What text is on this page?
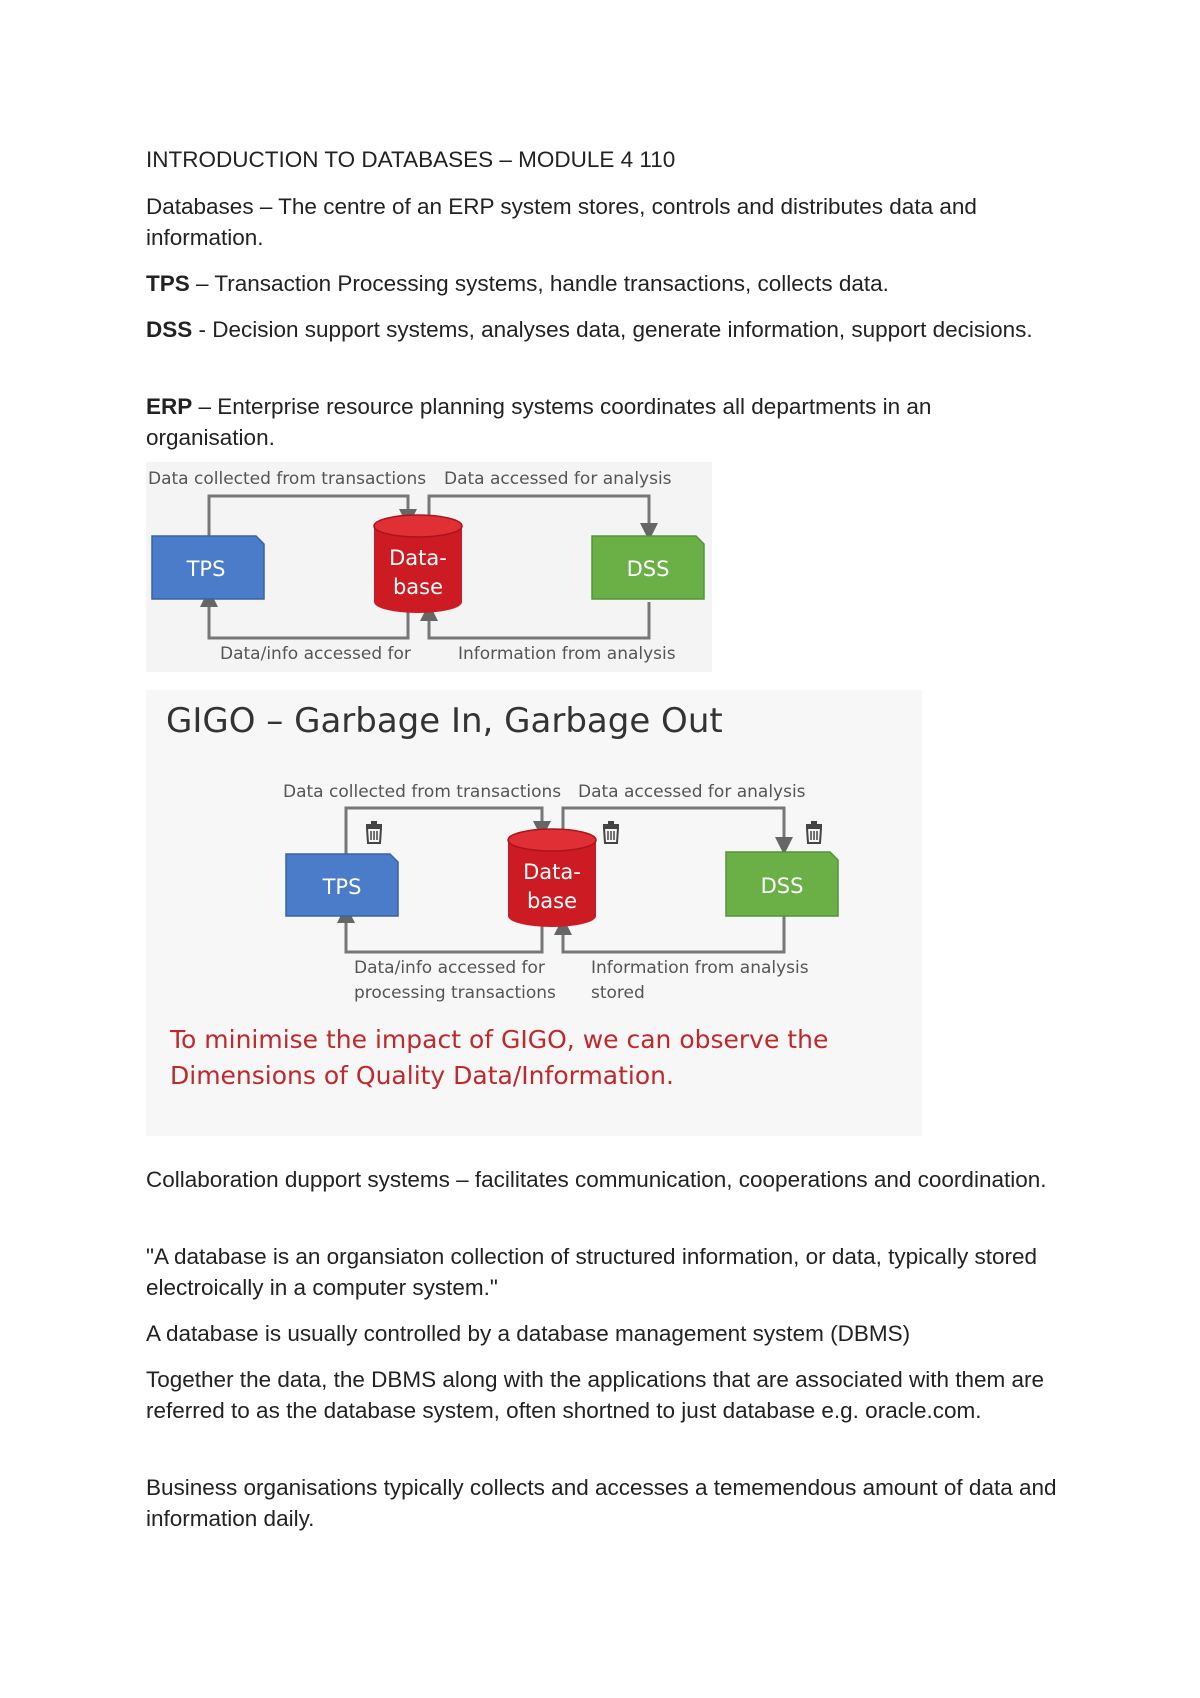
INTRODUCTION TO DATABASES – MODULE 4 110

Databases – The centre of an ERP system stores, controls and distributes data and information.

TPS – Transaction Processing systems, handle transactions, collects data.

DSS - Decision support systems, analyses data, generate information, support decisions.

ERP – Enterprise resource planning systems coordinates all departments in an organisation.

Data collected from transactions Data accessed for analysis
TPS	Data-
base
DSS
Data/info accessed for	Information from analysis
GIGO – Garbage In, Garbage Out
Data collected from transactions Data accessed for analysis
TPS
Data-
base
DSS
Data/info accessed for
processing transactions
Information from analysis
stored
To minimise the impact of GIGO, we can observe the
Dimensions of Quality Data/Information.

Collaboration dupport systems – facilitates communication, cooperations and coordination.

"A database is an organsiaton collection of structured information, or data, typically stored electroically in a computer system."

A database is usually controlled by a database management system (DBMS)

Together the data, the DBMS along with the applications that are associated with them are referred to as the database system, often shortned to just database e.g. oracle.com.

Business organisations typically collects and accesses a tememendous amount of data and information daily.
